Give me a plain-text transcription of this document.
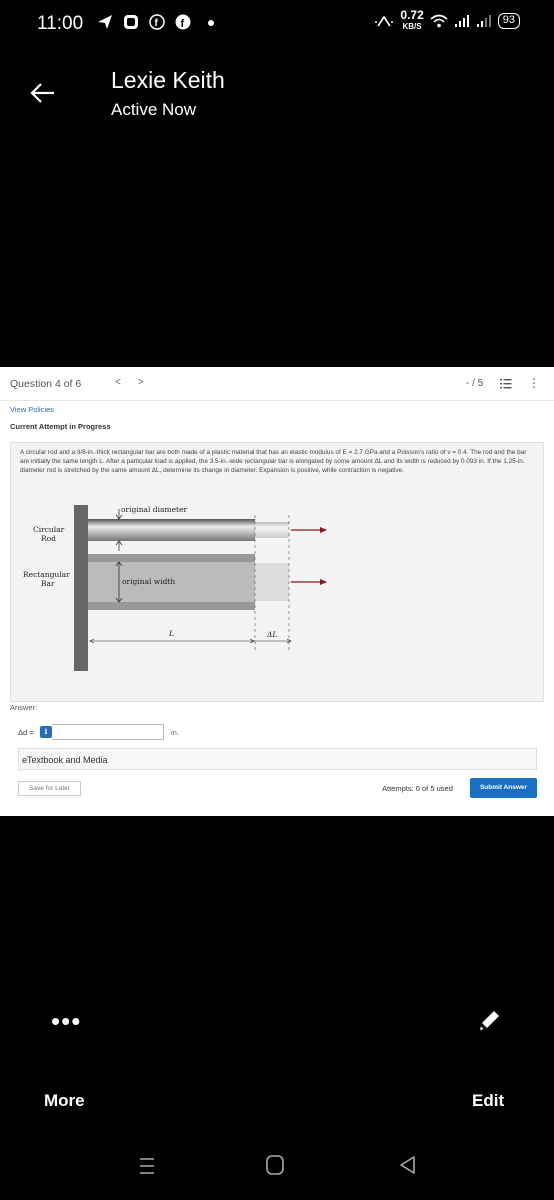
11:00	f f
0.72
KB/S
93
Lexie Keith
Active Now
Question 4 of 6	< >	- / 5	⋮
View Policies
Current Attempt in Progress
A circular rod and a 3/8-in.-thick rectangular bar are both made of a plastic material that has an elastic modulus of E = 2.7 GPa and a Poisson's ratio of ν = 0.4. The rod and the bar are initially the same length L. After a particular load is applied, the 3.5-in.-wide rectangular bar is elongated by some amount ΔL and its width is reduced by 0.093 in. If the 1.25-in. diameter rod is stretched by the same amount ΔL, determine its change in diameter. Expansion is positive, while contraction is negative.
original diameter
Circular
Rod
Rectangular
Bar	original width
L	ΔL
Answer:
Δd =	i	in.
eTextbook and Media
Save for Later	Attempts: 0 of 5 used	Submit Answer
•••
More	Edit
